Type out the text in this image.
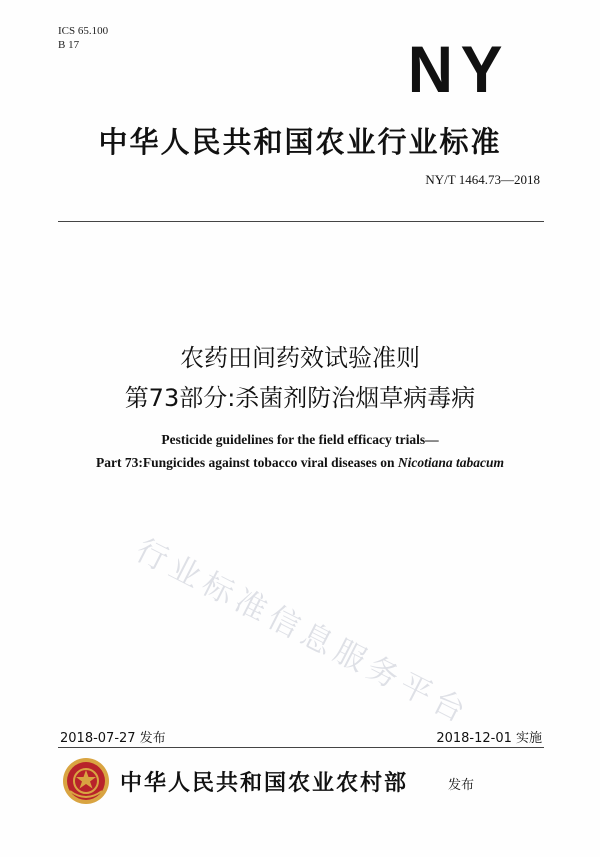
ICS 65.100
B 17	NY
中华人民共和国农业行业标准
NY/T 1464.73—2018
农药田间药效试验准则
第73部分:杀菌剂防治烟草病毒病
Pesticide guidelines for the field efficacy trials—
Part 73:Fungicides against tobacco viral diseases on Nicotiana tabacum
行业标准信息服务平台
2018-07-27 发布	2018-12-01 实施
中华人民共和国农业农村部	发布
